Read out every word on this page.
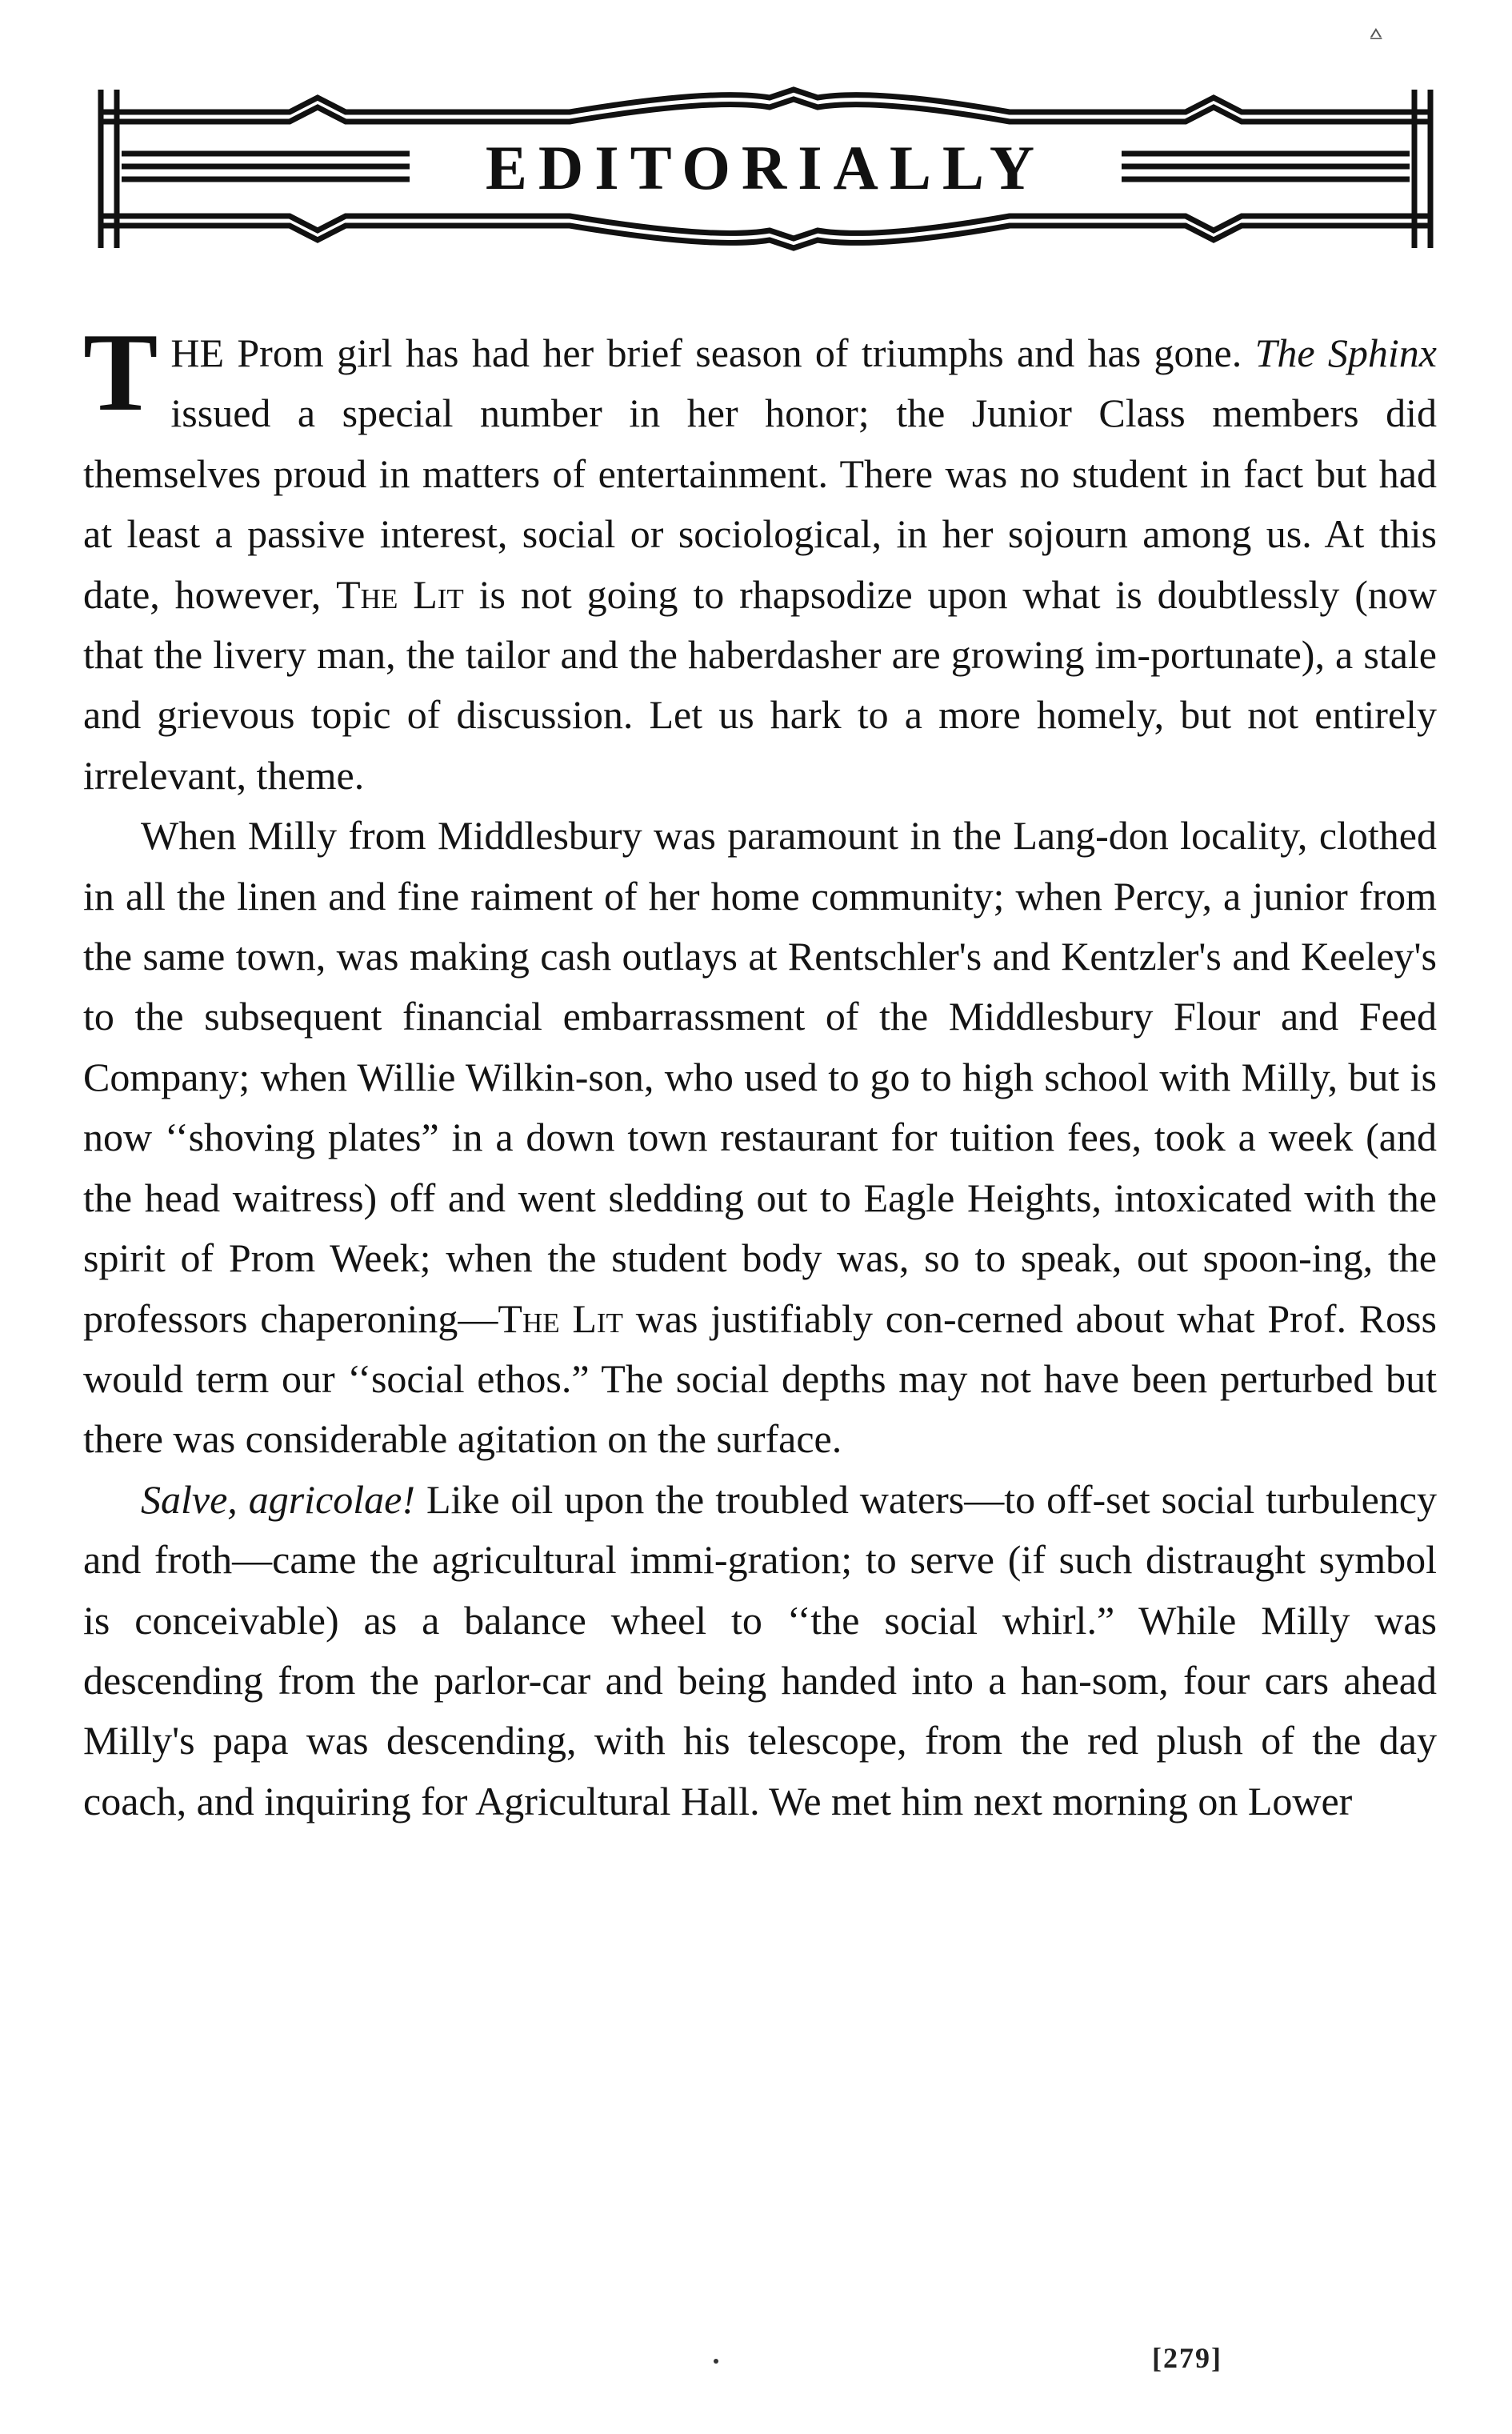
⩟
EDITORIALLY

THE Prom girl has had her brief season of triumphs and has gone. The Sphinx issued a special number in her honor; the Junior Class members did themselves proud in matters of entertainment. There was no student in fact but had at least a passive interest, social or sociological, in her sojourn among us. At this date, however, The Lit is not going to rhapsodize upon what is doubtlessly (now that the livery man, the tailor and the haberdasher are growing im-portunate), a stale and grievous topic of discussion. Let us hark to a more homely, but not entirely irrelevant, theme.

When Milly from Middlesbury was paramount in the Lang-don locality, clothed in all the linen and fine raiment of her home community; when Percy, a junior from the same town, was making cash outlays at Rentschler's and Kentzler's and Keeley's to the subsequent financial embarrassment of the Middlesbury Flour and Feed Company; when Willie Wilkin-son, who used to go to high school with Milly, but is now ‘‘shoving plates” in a down town restaurant for tuition fees, took a week (and the head waitress) off and went sledding out to Eagle Heights, intoxicated with the spirit of Prom Week; when the student body was, so to speak, out spoon-ing, the professors chaperoning—The Lit was justifiably con-cerned about what Prof. Ross would term our ‘‘social ethos.” The social depths may not have been perturbed but there was considerable agitation on the surface.

Salve, agricolae! Like oil upon the troubled waters—to off-set social turbulency and froth—came the agricultural immi-gration; to serve (if such distraught symbol is conceivable) as a balance wheel to ‘‘the social whirl.” While Milly was descending from the parlor-car and being handed into a han-som, four cars ahead Milly's papa was descending, with his telescope, from the red plush of the day coach, and inquiring for Agricultural Hall. We met him next morning on Lower

[279]
